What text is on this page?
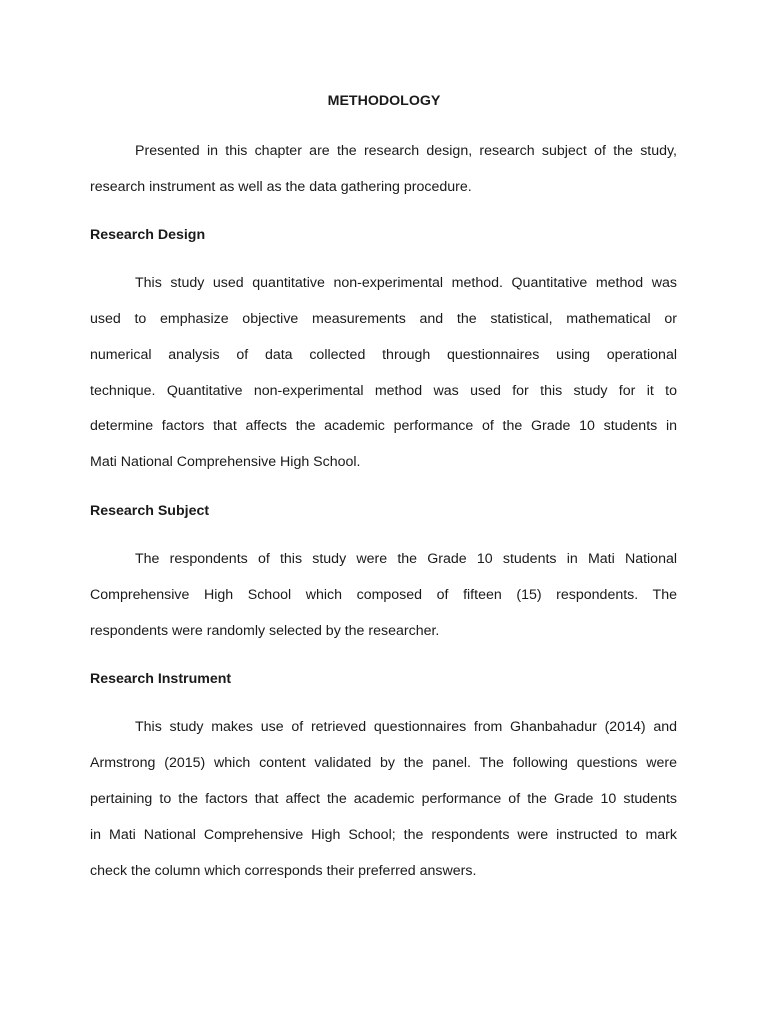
METHODOLOGY
Presented in this chapter are the research design, research subject of the study,
research instrument as well as the data gathering procedure.
Research Design
This study used quantitative non-experimental method. Quantitative method was
used to emphasize objective measurements and the statistical, mathematical or
numerical analysis of data collected through questionnaires using operational
technique. Quantitative non-experimental method was used for this study for it to
determine factors that affects the academic performance of the Grade 10 students in
Mati National Comprehensive High School.
Research Subject
The respondents of this study were the Grade 10 students in Mati National
Comprehensive High School which composed of fifteen (15) respondents. The
respondents were randomly selected by the researcher.
Research Instrument
This study makes use of retrieved questionnaires from Ghanbahadur (2014) and
Armstrong (2015) which content validated by the panel. The following questions were
pertaining to the factors that affect the academic performance of the Grade 10 students
in Mati National Comprehensive High School; the respondents were instructed to mark
check the column which corresponds their preferred answers.
